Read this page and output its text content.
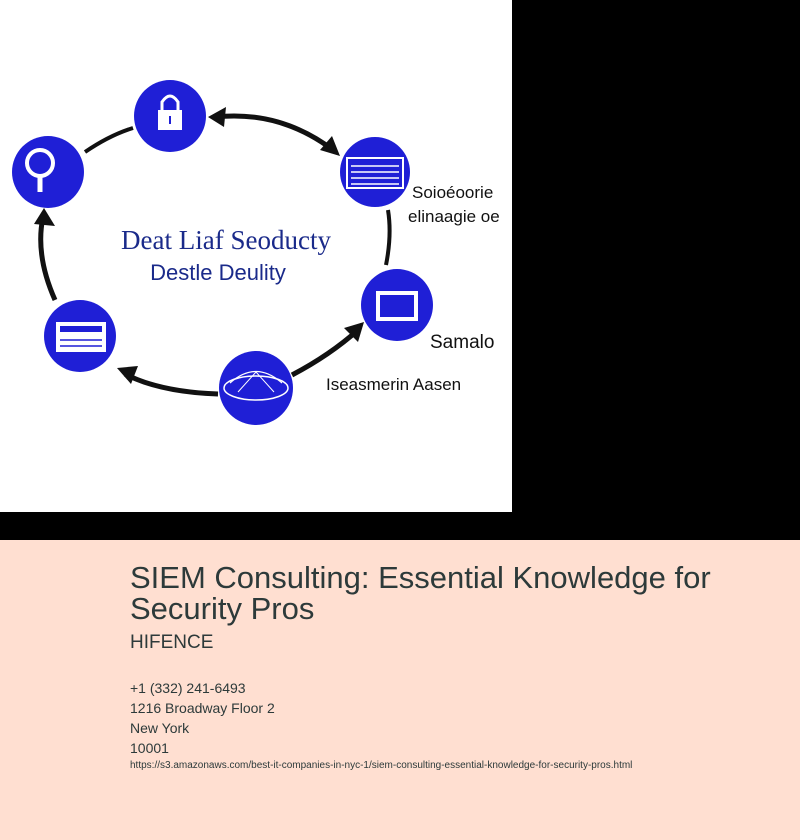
Deat Liaf Seoducty
Destle Deulity
Soioéoorie
elinaagie oe
Samalo
Iseasmerin Aasen
SIEM Consulting: Essential Knowledge for Security Pros
HIFENCE
+1 (332) 241-6493
1216 Broadway Floor 2
New York
10001
https://s3.amazonaws.com/best-it-companies-in-nyc-1/siem-consulting-essential-knowledge-for-security-pros.html
